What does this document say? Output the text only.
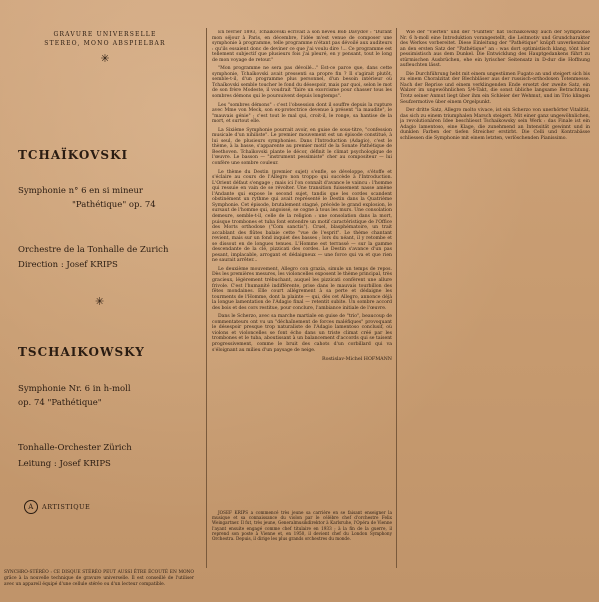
GRAVURE UNIVERSELLE
STEREO, MONO ABSPIELBAR
✳
TCHAÏKOVSKI
Symphonie n° 6 en si mineur
"Pathétique" op. 74
Orchestre de la Tonhalle de Zurich
Direction : Josef KRIPS
✳
TSCHAIKOWSKY
Symphonie Nr. 6 in h-moll
op. 74 "Pathétique"
Tonhalle-Orchester Zürich
Leitung : Josef KRIPS
A	ARTISTIQUE
SYNCHRO-STÉRÉO : CE DISQUE STÉRÉO PEUT AUSSI ÊTRE ÉCOUTÉ EN MONO grâce à la nouvelle technique de gravure universelle. Il est conseillé de l'utiliser avec un appareil équipé d'une cellule stéréo ou d'un lecteur compatible.

En février 1893, Tchaïkovski écrivait à son neveu Bob Davydov : "Durant mon séjour à Paris, en décembre, l'idée m'est venue de composer une symphonie à programme, telle programme n'étant pas dévoilé aux auditeurs : qu'ils essaient donc de deviner ce que j'ai voulu dire !... Ce programme est tellement subjectif que plusieurs fois j'ai pleuré, en y pensant, tout le long de mon voyage de retour."

"Mon programme ne sera pas dévoilé..." Est-ce parce que, dans cette symphonie, Tchaïkovski avait pressenti sa propre fin ? Il s'agirait plutôt, semble-t-il, d'un programme plus personnel, d'un besoin intérieur où Tchaïkovski semble toucher le fond du désespoir, mais par quoi, selon le mot de son frère Modeste, il voudrait "faire un exorcisme pour chasser tous les sombres démons qui le poursuivent depuis longtemps".

Les "sombres démons" : c'est l'obsession dont il souffre depuis la rupture avec Mme von Meck, son ex-protectrice devenue à présent "la maudite", le "mauvais génie" ; c'est tout le mal qui, croit-il, le ronge, sa hantise de la mort, et surtout elle.

La Sixième Symphonie pourrait avoir, en guise de sous-titre, "confession musicale d'un nihiliste". Le premier mouvement est un épisode constitué, à lui seul, de plusieurs symphonies. Dans l'Introduction (Adagio), c'est le thème, à la basse, s'apparente au premier motif de la Sonate Pathétique de Beethoven. Tchaïkovski plante le décor, définit le climat psychologique de l'œuvre. Le basson — "instrument pessimiste" cher au compositeur — lui confère une sombre couleur.

Le thème du Destin (premier sujet) s'enfle, se développe, s'étoffe et s'éclaire au cours de l'Allegro non troppo qui succède à l'Introduction. L'Orient défaut s'engage ; mais ici l'on connaît d'avance le vaincu : l'homme qui ressuie en vain de se révolter. Une transition fuissement nasse amène l'Andante qui expose le second sujet, tandis que les cordes scandent obstinément un rythme qui avait représenté le Destin dans la Quatrième Symphonie. Cet épisode, brutalement stagné, précède le grand explosion, le sursaut de l'homme qui, angoissé, se cogne à tous les murs. Une consolation demeure, semble-t-il, celle de la religion : une consolation dans la mort, puisque trombones et tuba font entendre un motif caractéristique de l'Office des Morts orthodoxe ("Com sanctis"). Cruel, blasphématoire, un trait accablant des flûtes balaie cette "vue de l'esprit". Le thème chantant revient, mais sur un fond inquiet des basses ; lors du néant, il y retombe et se dissout en de longues tenues. L'Homme est terrassé — sur la gamme descendante de la clé, pizzicati des cordes. Le Destin s'avance d'un pas pesant, implacable, arrogant et dédaigneux — une force qui va et que rien ne saurait arrêter...

Le deuxième mouvement, Allegro con grazia, simule un temps de repos. Dès les premières mesures, les violoncelles exposent le thème principal, très gracieux, légèrement trébuchant, auquel les pizzicati confèrent une allure frivole. C'est l'humanité indifférente, prise dans le mauvais tourbillon des fêtes mondaines. Elle court allégrement à sa perte et dédaigne les tourments de l'Homme, dont la plainte — qui, dès cet Allegro, annonce déjà la longue lamentation de l'Adagio final — retentit subite. Un sombre accord des bois et des cors restitue, pour conclure, l'ambiance initiale de l'œuvre.

Dans le Scherzo, avec sa marche martiale en guise de "trio", beaucoup de commentateurs ont vu un "déchaînement de forces maléfiques" provoquant le désespoir presque trop naturaliste de l'Adagio lamentoso conclusif, où violons et violoncelles se font écho dans un triste climat créé par les trombones et le tuba, aboutissant à un balancement d'accords qui se taisent progressivement, comme le bruit des cahots d'un corbillard qui va s'éloignant au milieu d'un paysage de neige.

Rostislav-Michel HOFMANN

JOSEF KRIPS a commencé très jeune sa carrière en se faisant enseigner la musique et sa connaissance du violon par le célèbre chef d'orchestre Felix Weingartner. Il fut, très jeune, Generalmusikdirektor à Karlsruhe, l'Opéra de Vienne l'ayant ensuite engagé comme chef titulaire en 1933 ; à la fin de la guerre, il reprend son poste à Vienne et, en 1950, il devient chef du London Symphony Orchestra. Depuis, il dirige les plus grands orchestres du monde.

Wie der "Vierten" und der "Fünften" hat Tschaikowsky auch der Symphonie Nr. 6 h-moll eine Introduktion vorangestellt, die Leitmotiv und Grundcharakter des Werkes vorbereitet. Diese Einleitung der "Pathétique" knüpft unverkennbar an den ersten Satz der "Pathétique" an : was dort optimistisch klang, tönt hier pessimistisch aus dem Dunkel. Die Entwicklung des Hauptgedankens führt zu stürmischen Ausbrüchen, ehe ein lyrischer Seitensatz in D-dur die Hoffnung aufleuchten lässt.

Die Durchführung hebt mit einem ungestümen Fugato an und steigert sich bis zu einem Choralzitat der Blechbläser aus der russisch-orthodoxen Totenmesse. Nach der Reprise und einem verklingenden Ende ersetzt der zweite Satz, ein Walzer im ungewöhnlichen 5/4-Takt, die sonst übliche langsame Betrachtung. Trotz seiner Anmut liegt über ihm ein Schleier der Wehmut, und im Trio klingen Seufzermotive über einem Orgelpunkt.

Der dritte Satz, Allegro molto vivace, ist ein Scherzo von unerhörter Vitalität, das sich zu einem triumphalen Marsch steigert. Mit einer ganz ungewöhnlichen, ja revolutionären Idee beschliesst Tschaikowsky sein Werk : das Finale ist ein Adagio lamentoso, eine Klage, die zunehmend an Intensität gewinnt und in dunklen Farben der tiefen Streicher erstirbt. Die Celli und Kontrabässe schliessen die Symphonie mit einem letzten, verlöschenden Pianissimo.
